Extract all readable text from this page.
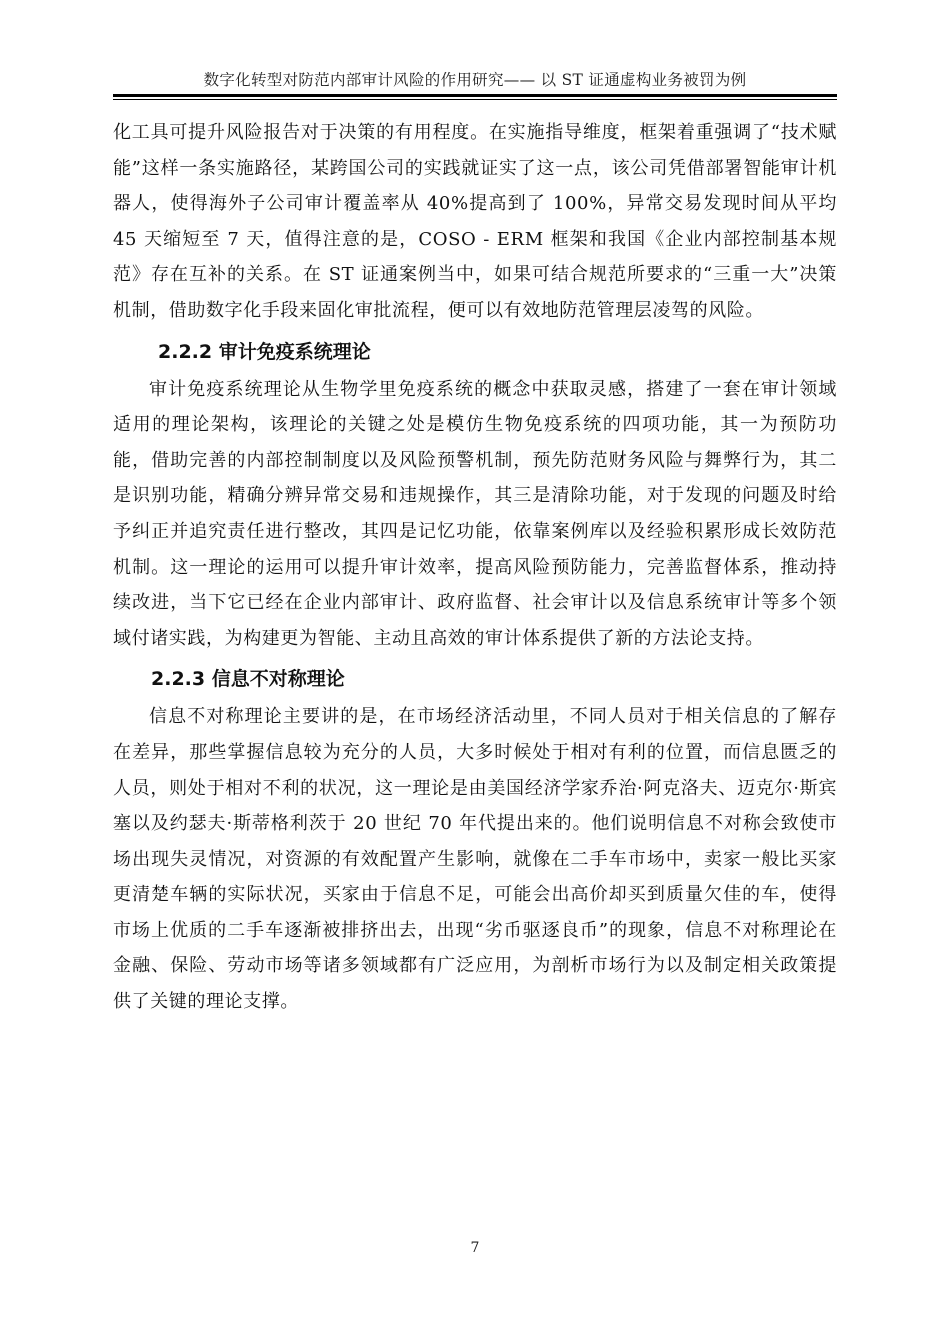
数字化转型对防范内部审计风险的作用研究—— 以 ST 证通虚构业务被罚为例

化工具可提升风险报告对于决策的有用程度。在实施指导维度，框架着重强调了“技术赋能”这样一条实施路径，某跨国公司的实践就证实了这一点，该公司凭借部署智能审计机器人，使得海外子公司审计覆盖率从 40%提高到了 100%，异常交易发现时间从平均 45 天缩短至 7 天，值得注意的是，COSO - ERM 框架和我国《企业内部控制基本规范》存在互补的关系。在 ST 证通案例当中，如果可结合规范所要求的“三重一大”决策机制，借助数字化手段来固化审批流程，便可以有效地防范管理层凌驾的风险。

2.2.2 审计免疫系统理论

审计免疫系统理论从生物学里免疫系统的概念中获取灵感，搭建了一套在审计领域适用的理论架构，该理论的关键之处是模仿生物免疫系统的四项功能，其一为预防功能，借助完善的内部控制制度以及风险预警机制，预先防范财务风险与舞弊行为，其二是识别功能，精确分辨异常交易和违规操作，其三是清除功能，对于发现的问题及时给予纠正并追究责任进行整改，其四是记忆功能，依靠案例库以及经验积累形成长效防范机制。这一理论的运用可以提升审计效率，提高风险预防能力，完善监督体系，推动持续改进，当下它已经在企业内部审计、政府监督、社会审计以及信息系统审计等多个领域付诸实践，为构建更为智能、主动且高效的审计体系提供了新的方法论支持。

2.2.3 信息不对称理论

信息不对称理论主要讲的是，在市场经济活动里，不同人员对于相关信息的了解存在差异，那些掌握信息较为充分的人员，大多时候处于相对有利的位置，而信息匮乏的人员，则处于相对不利的状况，这一理论是由美国经济学家乔治·阿克洛夫、迈克尔·斯宾塞以及约瑟夫·斯蒂格利茨于 20 世纪 70 年代提出来的。他们说明信息不对称会致使市场出现失灵情况，对资源的有效配置产生影响，就像在二手车市场中，卖家一般比买家更清楚车辆的实际状况，买家由于信息不足，可能会出高价却买到质量欠佳的车，使得市场上优质的二手车逐渐被排挤出去，出现“劣币驱逐良币”的现象，信息不对称理论在金融、保险、劳动市场等诸多领域都有广泛应用，为剖析市场行为以及制定相关政策提供了关键的理论支撑。

7
